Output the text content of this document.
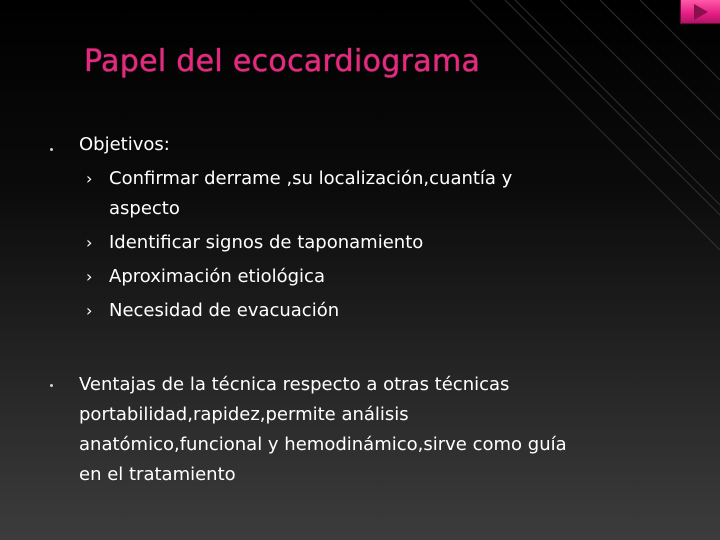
Papel del ecocardiograma
Objetivos:
› Confirmar derrame ,su localización,cuantía y
aspecto
› Identificar signos de taponamiento
› Aproximación etiológica
› Necesidad de evacuación
Ventajas de la técnica respecto a otras técnicas
portabilidad,rapidez,permite análisis
anatómico,funcional y hemodinámico,sirve como guía
en el tratamiento
